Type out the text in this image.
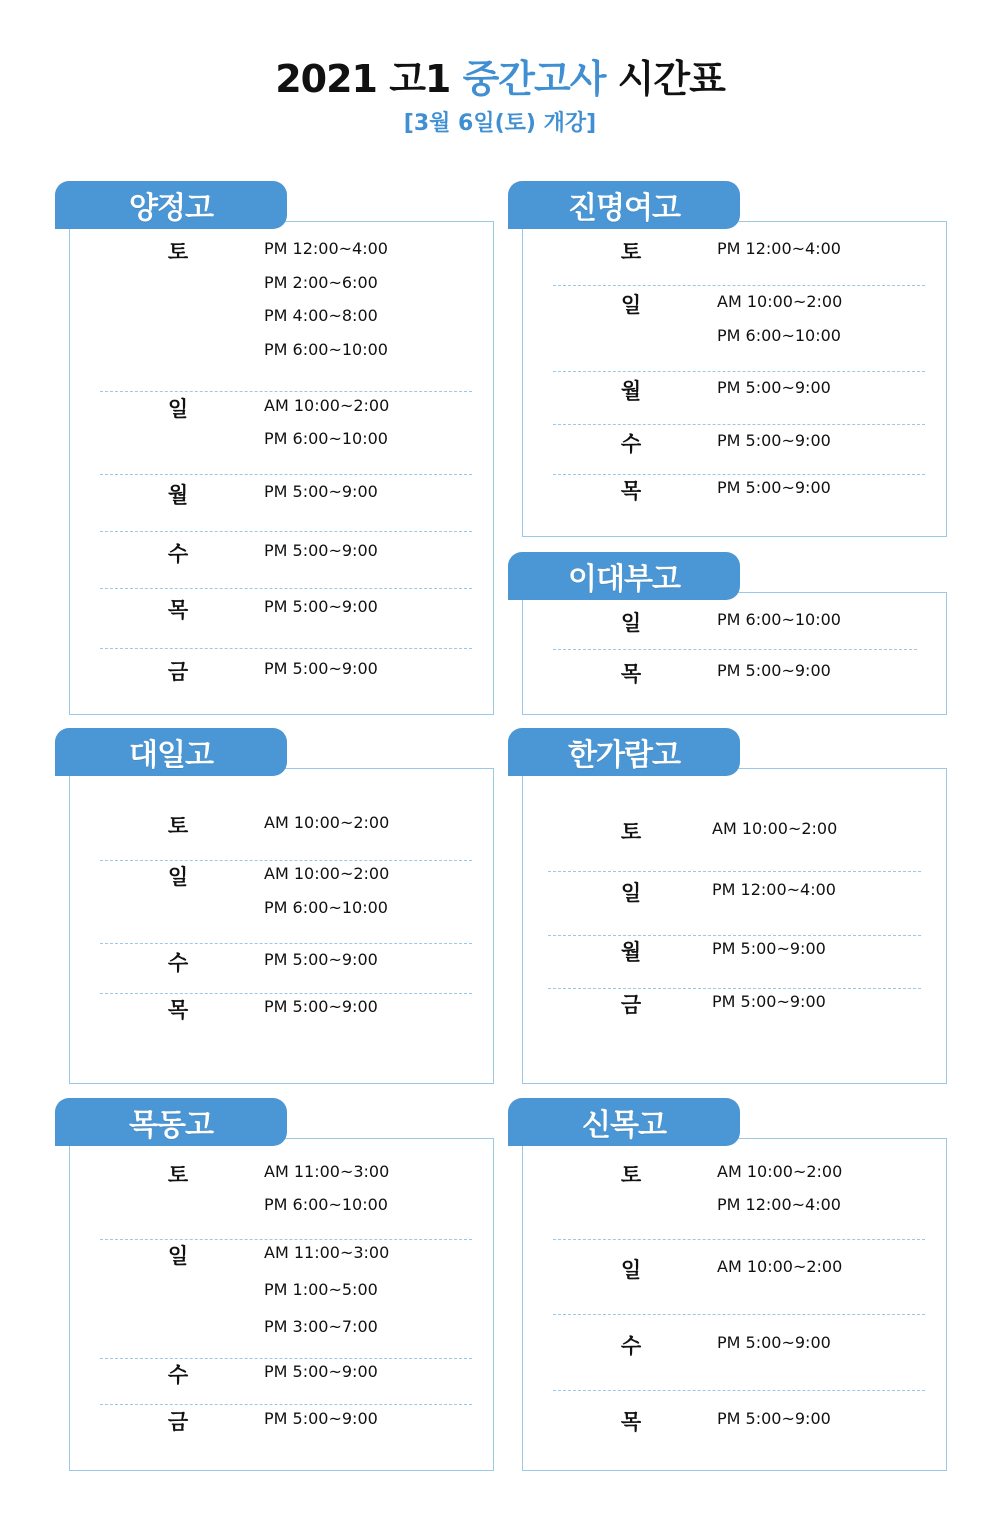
2021 고1 중간고사 시간표
[3월 6일(토) 개강]
양정고
토	PM 12:00~4:00
PM 2:00~6:00
PM 4:00~8:00
PM 6:00~10:00
일	AM 10:00~2:00
PM 6:00~10:00
월	PM 5:00~9:00
수	PM 5:00~9:00
목	PM 5:00~9:00
금	PM 5:00~9:00
진명여고
토	PM 12:00~4:00
일	AM 10:00~2:00
PM 6:00~10:00
월	PM 5:00~9:00
수	PM 5:00~9:00
목	PM 5:00~9:00
이대부고
일	PM 6:00~10:00
목	PM 5:00~9:00
대일고
토	AM 10:00~2:00
일	AM 10:00~2:00
PM 6:00~10:00
수	PM 5:00~9:00
목	PM 5:00~9:00
한가람고
토	AM 10:00~2:00
일	PM 12:00~4:00
월	PM 5:00~9:00
금	PM 5:00~9:00
목동고
토	AM 11:00~3:00
PM 6:00~10:00
일	AM 11:00~3:00
PM 1:00~5:00
PM 3:00~7:00
수	PM 5:00~9:00
금	PM 5:00~9:00
신목고
토	AM 10:00~2:00
PM 12:00~4:00
일	AM 10:00~2:00
수	PM 5:00~9:00
목	PM 5:00~9:00
